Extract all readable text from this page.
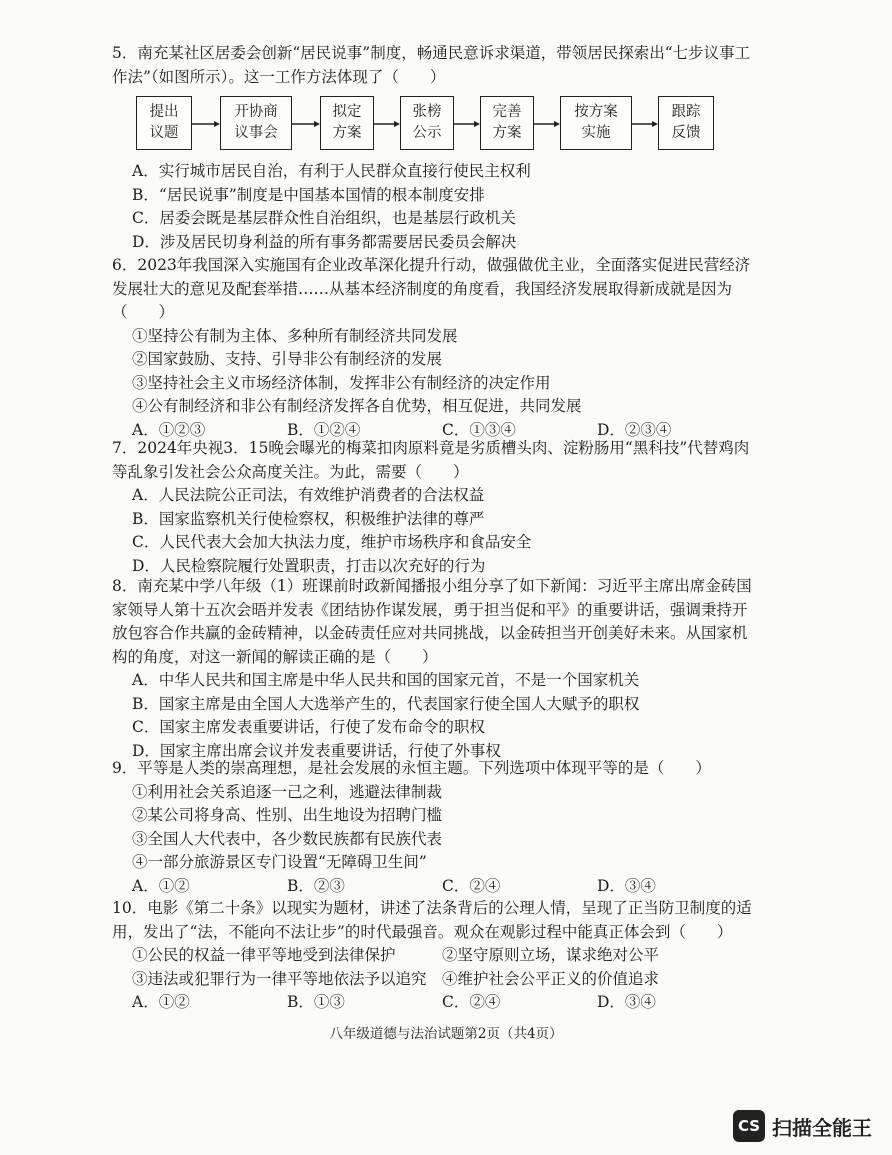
5．南充某社区居委会创新“居民说事”制度，畅通民意诉求渠道，带领居民探索出“七步议事工作法”（如图所示）。这一工作方法体现了（　　）
提出
议题
开协商
议事会
拟定
方案
张榜
公示
完善
方案
按方案
实施
跟踪
反馈
A．实行城市居民自治，有利于人民群众直接行使民主权利
B．“居民说事”制度是中国基本国情的根本制度安排
C．居委会既是基层群众性自治组织，也是基层行政机关
D．涉及居民切身利益的所有事务都需要居民委员会解决
6．2023年我国深入实施国有企业改革深化提升行动，做强做优主业，全面落实促进民营经济发展壮大的意见及配套举措……从基本经济制度的角度看，我国经济发展取得新成就是因为（　　）
①坚持公有制为主体、多种所有制经济共同发展
②国家鼓励、支持、引导非公有制经济的发展
③坚持社会主义市场经济体制，发挥非公有制经济的决定作用
④公有制经济和非公有制经济发挥各自优势，相互促进，共同发展
A．①②③	B．①②④	C．①③④	D．②③④
7．2024年央视3．15晚会曝光的梅菜扣肉原料竟是劣质槽头肉、淀粉肠用“黑科技”代替鸡肉等乱象引发社会公众高度关注。为此，需要（　　）
A．人民法院公正司法，有效维护消费者的合法权益
B．国家监察机关行使检察权，积极维护法律的尊严
C．人民代表大会加大执法力度，维护市场秩序和食品安全
D．人民检察院履行处置职责，打击以次充好的行为
8．南充某中学八年级（1）班课前时政新闻播报小组分享了如下新闻：习近平主席出席金砖国家领导人第十五次会晤并发表《团结协作谋发展，勇于担当促和平》的重要讲话，强调秉持开放包容合作共赢的金砖精神，以金砖责任应对共同挑战，以金砖担当开创美好未来。从国家机构的角度，对这一新闻的解读正确的是（　　）
A．中华人民共和国主席是中华人民共和国的国家元首，不是一个国家机关
B．国家主席是由全国人大选举产生的，代表国家行使全国人大赋予的职权
C．国家主席发表重要讲话，行使了发布命令的职权
D．国家主席出席会议并发表重要讲话，行使了外事权
9．平等是人类的崇高理想，是社会发展的永恒主题。下列选项中体现平等的是（　　）
①利用社会关系追逐一己之利，逃避法律制裁
②某公司将身高、性别、出生地设为招聘门槛
③全国人大代表中，各少数民族都有民族代表
④一部分旅游景区专门设置“无障碍卫生间”
A．①②	B．②③	C．②④	D．③④
10．电影《第二十条》以现实为题材，讲述了法条背后的公理人情，呈现了正当防卫制度的适用，发出了“法，不能向不法让步”的时代最强音。观众在观影过程中能真正体会到（　　）
①公民的权益一律平等地受到法律保护	②坚守原则立场，谋求绝对公平
③违法或犯罪行为一律平等地依法予以追究 ④维护社会公平正义的价值追求
A．①②	B．①③	C．②④	D．③④
八年级道德与法治试题第2页（共4页）
CS 扫描全能王
